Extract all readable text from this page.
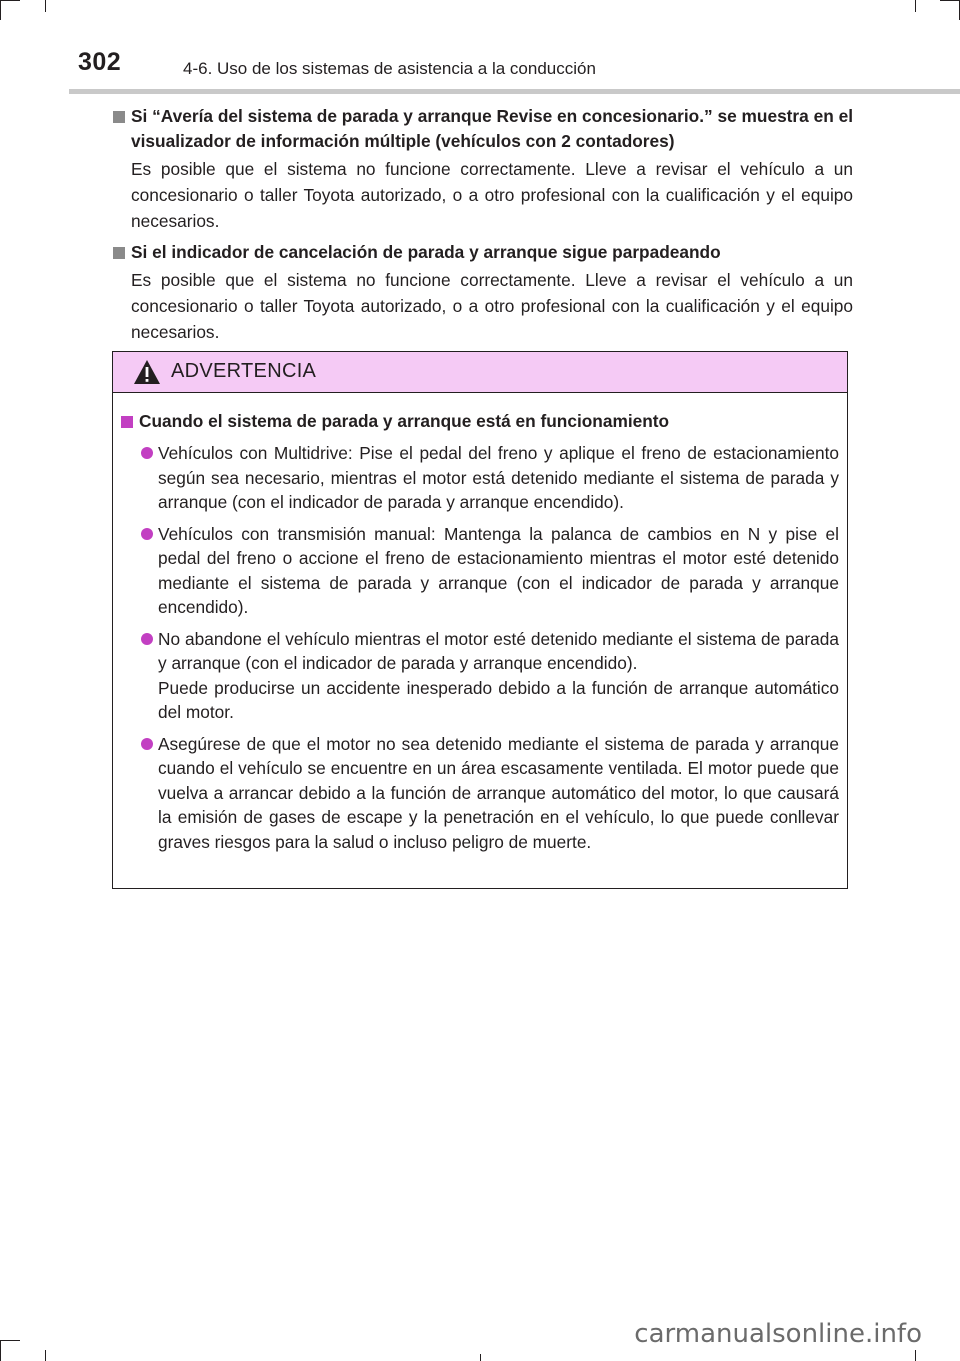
302	4-6. Uso de los sistemas de asistencia a la conducción
Si “Avería del sistema de parada y arranque Revise en concesionario.” se muestra en el visualizador de información múltiple (vehículos con 2 contadores)
Es posible que el sistema no funcione correctamente. Lleve a revisar el vehículo a un concesionario o taller Toyota autorizado, o a otro profesional con la cualificación y el equipo necesarios.
Si el indicador de cancelación de parada y arranque sigue parpadeando
Es posible que el sistema no funcione correctamente. Lleve a revisar el vehículo a un concesionario o taller Toyota autorizado, o a otro profesional con la cualificación y el equipo necesarios.
ADVERTENCIA
Cuando el sistema de parada y arranque está en funcionamiento
Vehículos con Multidrive: Pise el pedal del freno y aplique el freno de estacionamiento según sea necesario, mientras el motor está detenido mediante el sistema de parada y arranque (con el indicador de parada y arranque encendido).
Vehículos con transmisión manual: Mantenga la palanca de cambios en N y pise el pedal del freno o accione el freno de estacionamiento mientras el motor esté detenido mediante el sistema de parada y arranque (con el indicador de parada y arranque encendido).
No abandone el vehículo mientras el motor esté detenido mediante el sistema de parada y arranque (con el indicador de parada y arranque encendido).
Puede producirse un accidente inesperado debido a la función de arranque automático del motor.
Asegúrese de que el motor no sea detenido mediante el sistema de parada y arranque cuando el vehículo se encuentre en un área escasamente ventilada. El motor puede que vuelva a arrancar debido a la función de arranque automático del motor, lo que causará la emisión de gases de escape y la penetración en el vehículo, lo que puede conllevar graves riesgos para la salud o incluso peligro de muerte.
carmanualsonline.info
